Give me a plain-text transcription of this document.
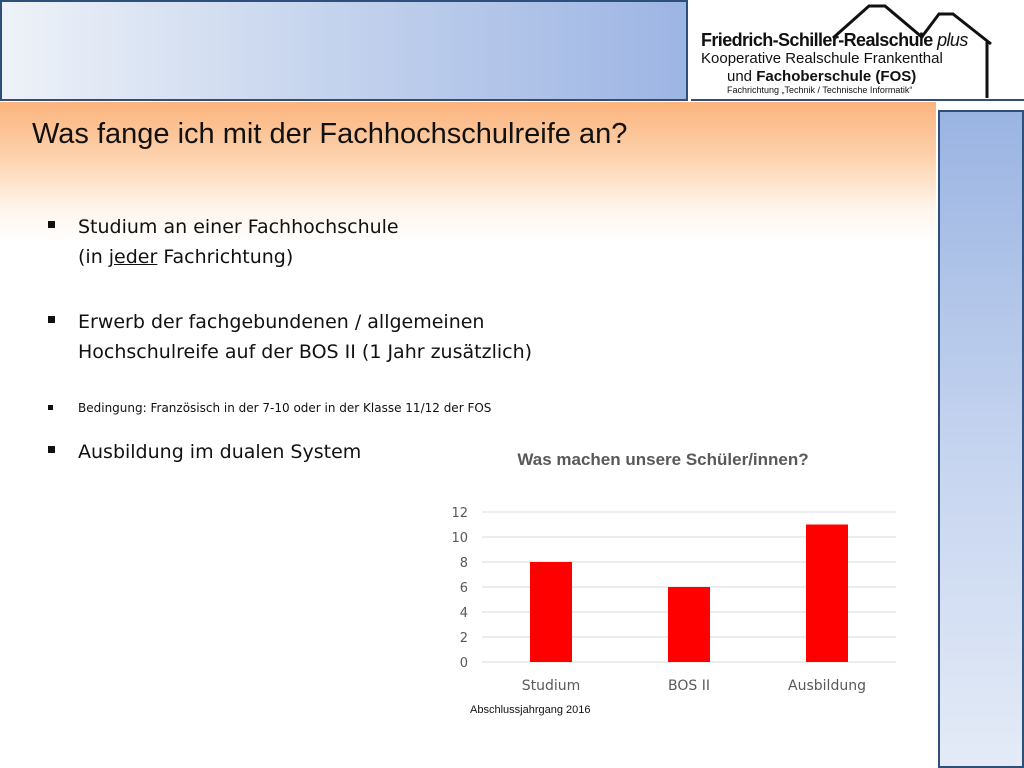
Friedrich-Schiller-Realschule plus
Kooperative Realschule Frankenthal
und Fachoberschule (FOS)
Fachrichtung „Technik / Technische Informatik“
Was fange ich mit der Fachhochschulreife an?
Studium an einer Fachhochschule
(in jeder Fachrichtung)
Erwerb der fachgebundenen / allgemeinen Hochschulreife auf der BOS II (1 Jahr zusätzlich)
Bedingung: Französisch in der 7-10 oder in der Klasse 11/12 der FOS
Ausbildung im dualen System	Was machen unsere Schüler/innen?
0
2
4
6
8
10
12
Studium	BOS II	Ausbildung
Abschlussjahrgang 2016
